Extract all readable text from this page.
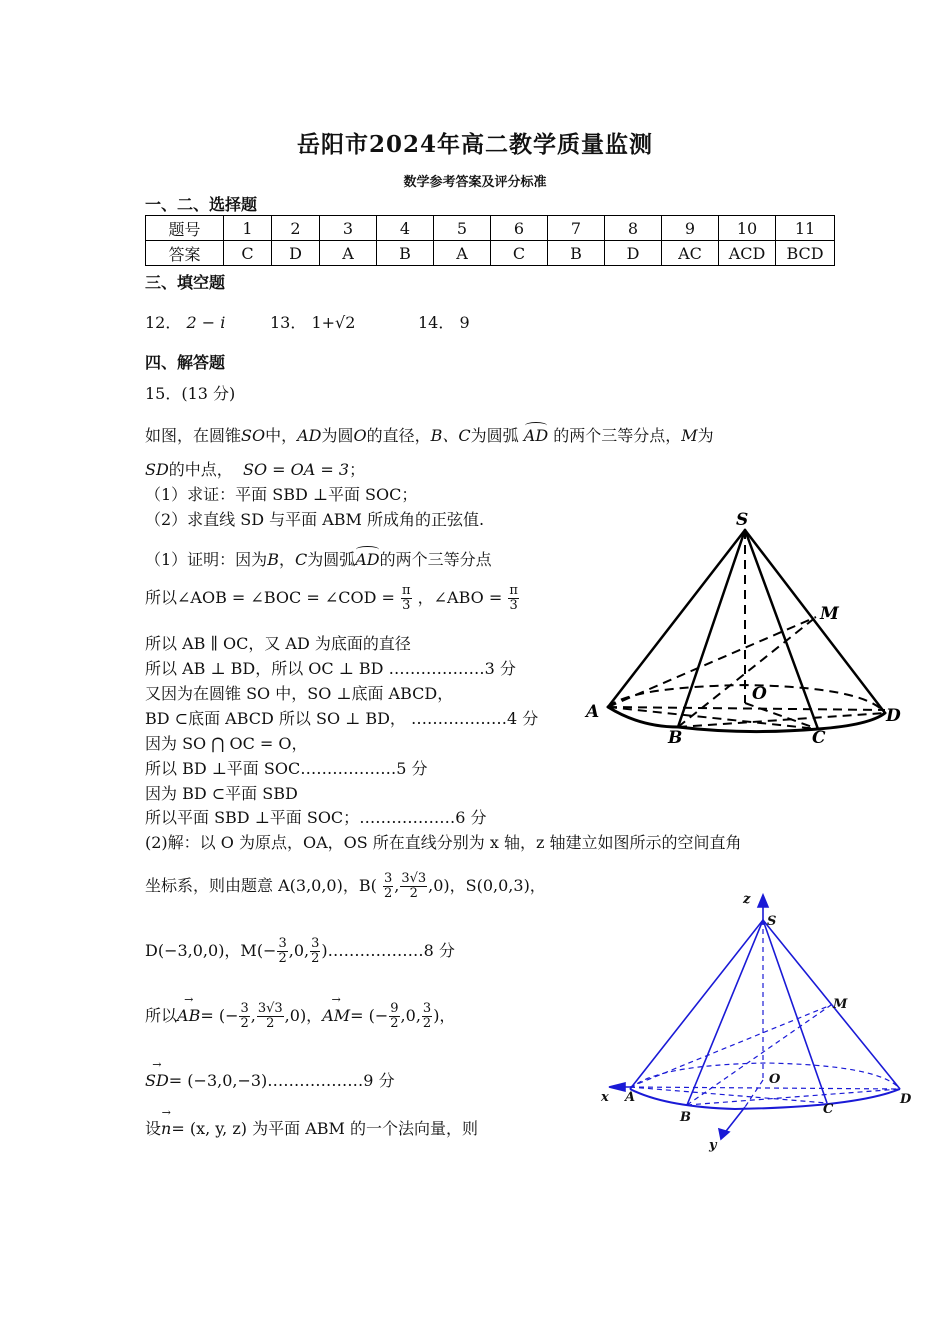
岳阳市2024年高二教学质量监测
数学参考答案及评分标准
一、二、选择题
题号	1	2	3	4	5	6	7	8	9	10	11
答案	C	D	A	B	A	C	B	D	AC	ACD	BCD
三、填空题
12． 2 − i	13． 1+√2	14． 9
四、解答题
15．(13 分)
如图，在圆锥SO中，AD为圆O的直径，B、C为圆弧 AD 的两个三等分点，M为
SD的中点， SO = OA = 3；
（1）求证：平面 SBD ⊥平面 SOC；
（2）求直线 SD 与平面 ABM 所成角的正弦值.
（1）证明：因为B，C为圆弧AD的两个三等分点
所以∠AOB = ∠BOC = ∠COD = $\frac{\pi}{3}$ ，∠ABO = $\frac{\pi}{3}$
所以 AB ∥ OC，又 AD 为底面的直径
所以 AB ⊥ BD，所以 OC ⊥ BD ………………3 分
又因为在圆锥 SO 中，SO ⊥底面 ABCD，
BD ⊂底面 ABCD 所以 SO ⊥ BD， ………………4 分
因为 SO ⋂ OC = O，
所以 BD ⊥平面 SOC………………5 分
因为 BD ⊂平面 SBD
所以平面 SBD ⊥平面 SOC；………………6 分
(2)解：以 O 为原点，OA，OS 所在直线分别为 x 轴，z 轴建立如图所示的空间直角
坐标系，则由题意 A(3,0,0)，$B( \frac{3}{2}$ , $\frac{3√3}{2} ,0$)，S(0,0,3)，
D(−3,0,0)，$M(- \frac{3}{2} ,0$, $\frac{3}{2}$ )………………8 分
所以→ AB= (− $\frac{3}{2}$ , $\frac{3√3}{2} ,0$)，→ AM= (− $\frac{9}{2} ,0$, $\frac{3}{2}$ )，
→ SD= (−3,0,−3)………………9 分
设→ n= (x, y, z) 为平面 ABM 的一个法向量，则
S
M
A
O
D
B	C
z
S
M
x A
O
D
B
C
y
